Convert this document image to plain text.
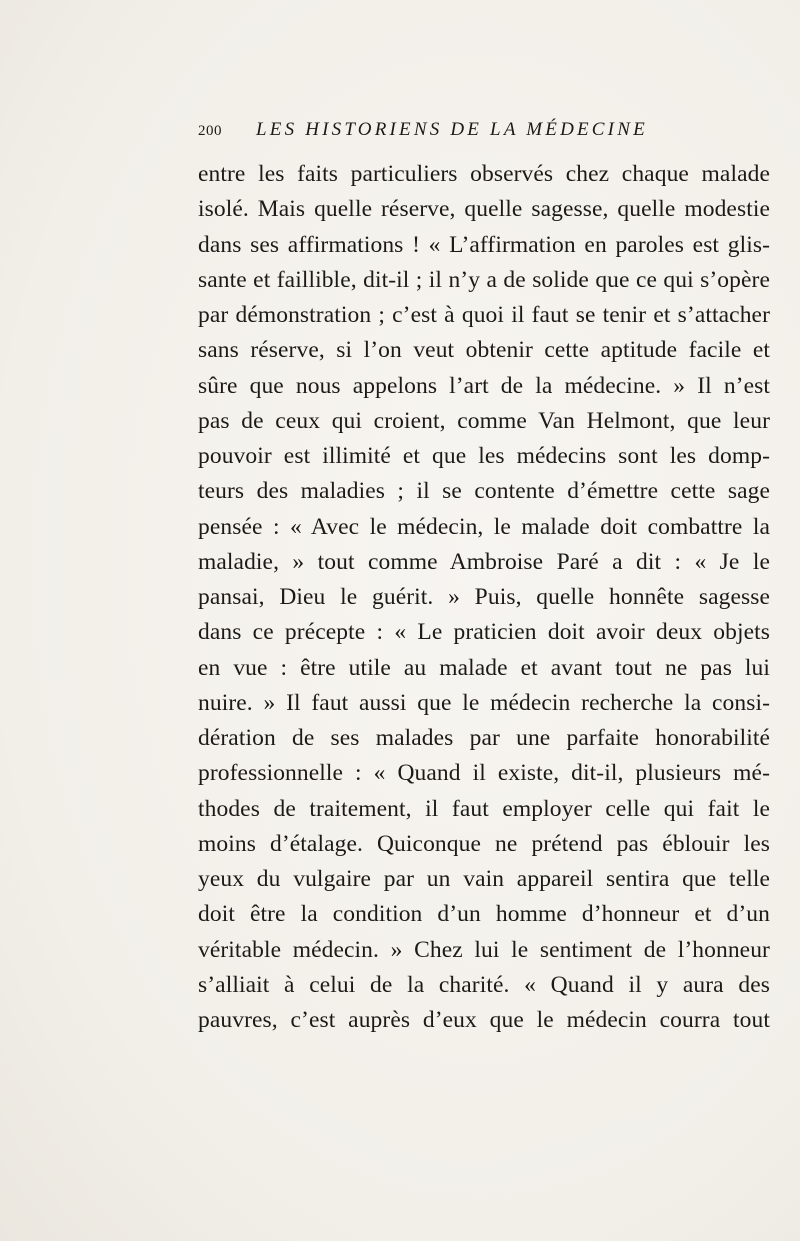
200 LES HISTORIENS DE LA MÉDECINE
entre les faits particuliers observés chez chaque malade
isolé. Mais quelle réserve, quelle sagesse, quelle modestie
dans ses affirmations ! « L’affirmation en paroles est glis-
sante et faillible, dit-il ; il n’y a de solide que ce qui s’opère
par démonstration ; c’est à quoi il faut se tenir et s’attacher
sans réserve, si l’on veut obtenir cette aptitude facile et
sûre que nous appelons l’art de la médecine. » Il n’est
pas de ceux qui croient, comme Van Helmont, que leur
pouvoir est illimité et que les médecins sont les domp-
teurs des maladies ; il se contente d’émettre cette sage
pensée : « Avec le médecin, le malade doit combattre la
maladie, » tout comme Ambroise Paré a dit : « Je le
pansai, Dieu le guérit. » Puis, quelle honnête sagesse
dans ce précepte : « Le praticien doit avoir deux objets
en vue : être utile au malade et avant tout ne pas lui
nuire. » Il faut aussi que le médecin recherche la consi-
dération de ses malades par une parfaite honorabilité
professionnelle : « Quand il existe, dit-il, plusieurs mé-
thodes de traitement, il faut employer celle qui fait le
moins d’étalage. Quiconque ne prétend pas éblouir les
yeux du vulgaire par un vain appareil sentira que telle
doit être la condition d’un homme d’honneur et d’un
véritable médecin. » Chez lui le sentiment de l’honneur
s’alliait à celui de la charité. « Quand il y aura des
pauvres, c’est auprès d’eux que le médecin courra tout
